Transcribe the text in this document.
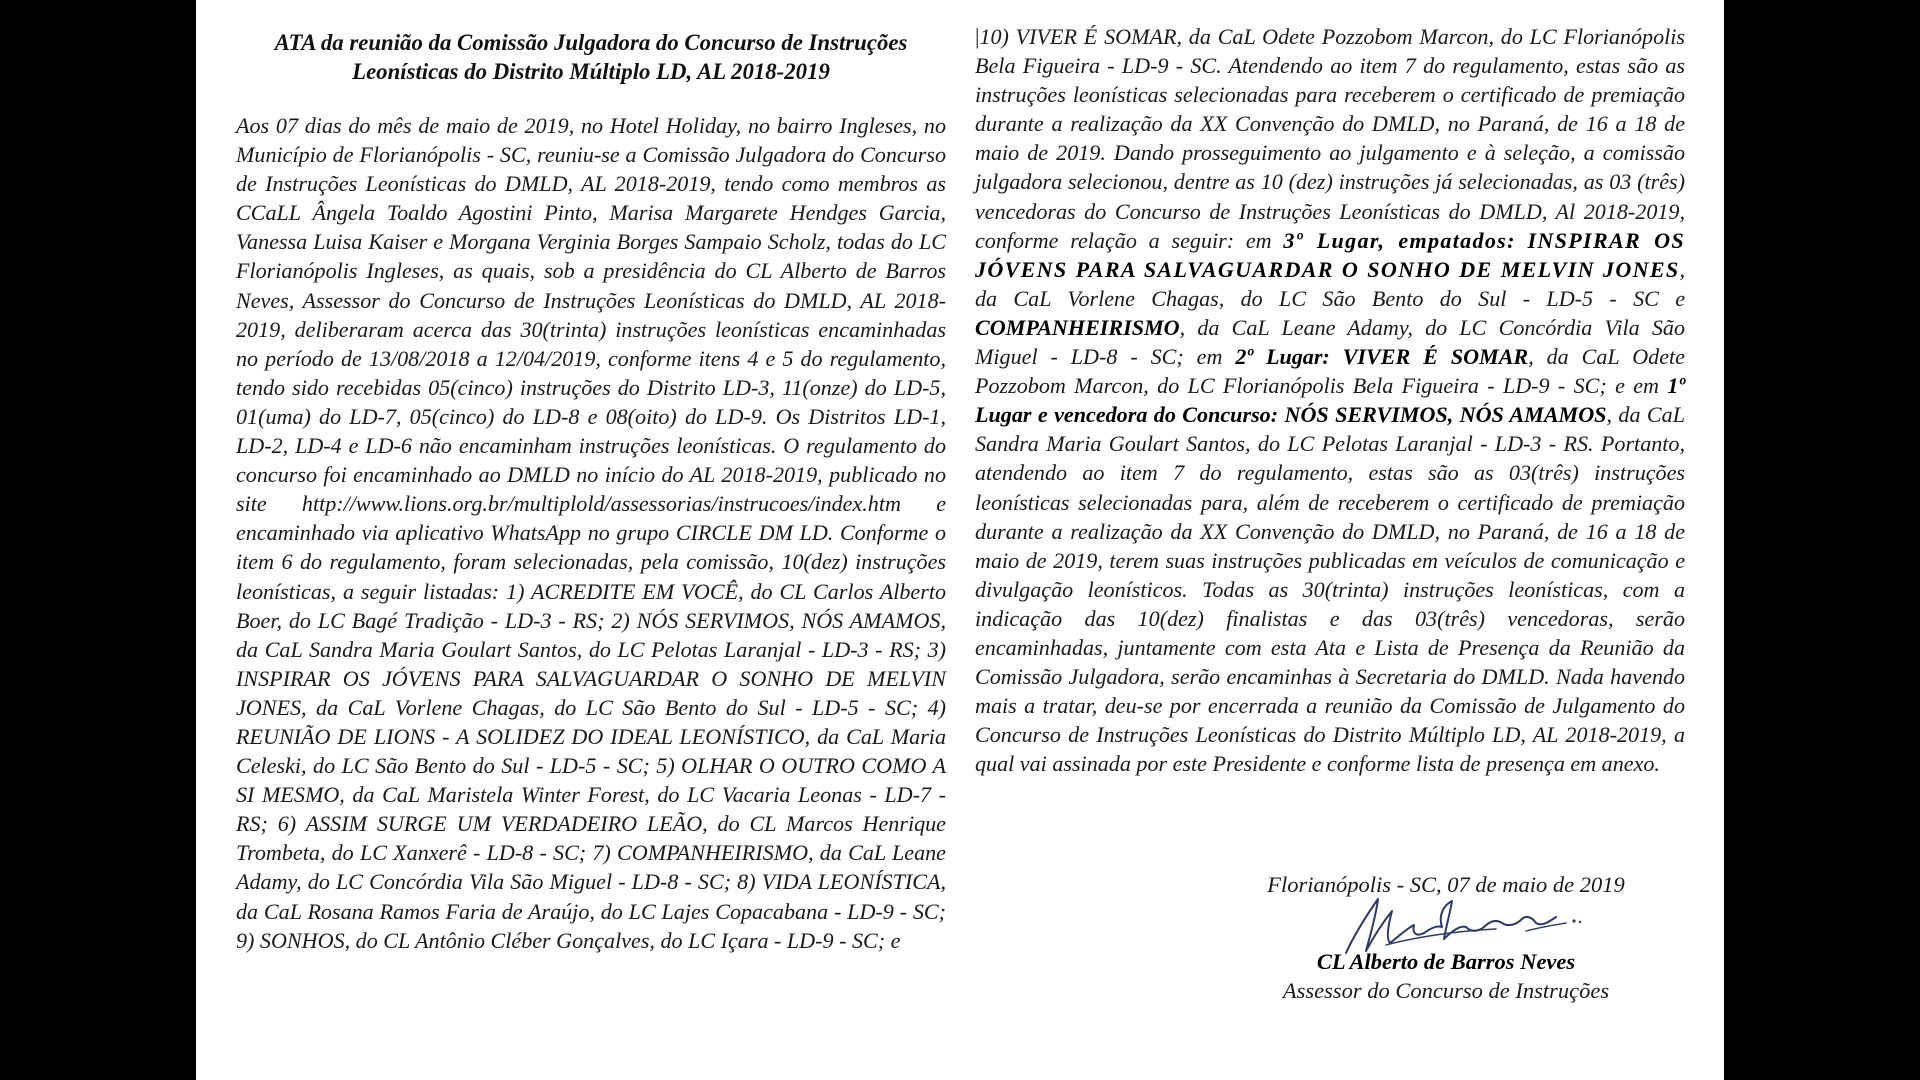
ATA da reunião da Comissão Julgadora do Concurso de Instruções
Leonísticas do Distrito Múltiplo LD, AL 2018-2019

Aos 07 dias do mês de maio de 2019, no Hotel Holiday, no bairro Ingleses, no Município de Florianópolis - SC, reuniu-se a Comissão Julgadora do Concurso de Instruções Leonísticas do DMLD, AL 2018-2019, tendo como membros as CCaLL Ângela Toaldo Agostini Pinto, Marisa Margarete Hendges Garcia, Vanessa Luisa Kaiser e Morgana Verginia Borges Sampaio Scholz, todas do LC Florianópolis Ingleses, as quais, sob a presidência do CL Alberto de Barros Neves, Assessor do Concurso de Instruções Leonísticas do DMLD, AL 2018-2019, deliberaram acerca das 30(trinta) instruções leonísticas encaminhadas no período de 13/08/2018 a 12/04/2019, conforme itens 4 e 5 do regulamento, tendo sido recebidas 05(cinco) instruções do Distrito LD-3, 11(onze) do LD-5, 01(uma) do LD-7, 05(cinco) do LD-8 e 08(oito) do LD-9. Os Distritos LD-1, LD-2, LD-4 e LD-6 não encaminham instruções leonísticas. O regulamento do concurso foi encaminhado ao DMLD no início do AL 2018-2019, publicado no site http://www.lions.org.br/multiplold/assessorias/instrucoes/index.htm e encaminhado via aplicativo WhatsApp no grupo CIRCLE DM LD. Conforme o item 6 do regulamento, foram selecionadas, pela comissão, 10(dez) instruções leonísticas, a seguir listadas: 1) ACREDITE EM VOCÊ, do CL Carlos Alberto Boer, do LC Bagé Tradição - LD-3 - RS; 2) NÓS SERVIMOS, NÓS AMAMOS, da CaL Sandra Maria Goulart Santos, do LC Pelotas Laranjal - LD-3 - RS; 3) INSPIRAR OS JÓVENS PARA SALVAGUARDAR O SONHO DE MELVIN JONES, da CaL Vorlene Chagas, do LC São Bento do Sul - LD-5 - SC; 4) REUNIÃO DE LIONS - A SOLIDEZ DO IDEAL LEONÍSTICO, da CaL Maria Celeski, do LC São Bento do Sul - LD-5 - SC; 5) OLHAR O OUTRO COMO A SI MESMO, da CaL Maristela Winter Forest, do LC Vacaria Leonas - LD-7 - RS; 6) ASSIM SURGE UM VERDADEIRO LEÃO, do CL Marcos Henrique Trombeta, do LC Xanxerê - LD-8 - SC; 7) COMPANHEIRISMO, da CaL Leane Adamy, do LC Concórdia Vila São Miguel - LD-8 - SC; 8) VIDA LEONÍSTICA, da CaL Rosana Ramos Faria de Araújo, do LC Lajes Copacabana - LD-9 - SC; 9) SONHOS, do CL Antônio Cléber Gonçalves, do LC Içara - LD-9 - SC; e

|10) VIVER É SOMAR, da CaL Odete Pozzobom Marcon, do LC Florianópolis Bela Figueira - LD-9 - SC. Atendendo ao item 7 do regulamento, estas são as instruções leonísticas selecionadas para receberem o certificado de premiação durante a realização da XX Convenção do DMLD, no Paraná, de 16 a 18 de maio de 2019. Dando prosseguimento ao julgamento e à seleção, a comissão julgadora selecionou, dentre as 10 (dez) instruções já selecionadas, as 03 (três) vencedoras do Concurso de Instruções Leonísticas do DMLD, Al 2018-2019, conforme relação a seguir: em 3º Lugar, empatados: INSPIRAR OS JÓVENS PARA SALVAGUARDAR O SONHO DE MELVIN JONES, da CaL Vorlene Chagas, do LC São Bento do Sul - LD-5 - SC e COMPANHEIRISMO, da CaL Leane Adamy, do LC Concórdia Vila São Miguel - LD-8 - SC; em 2º Lugar: VIVER É SOMAR, da CaL Odete Pozzobom Marcon, do LC Florianópolis Bela Figueira - LD-9 - SC; e em 1º Lugar e vencedora do Concurso: NÓS SERVIMOS, NÓS AMAMOS, da CaL Sandra Maria Goulart Santos, do LC Pelotas Laranjal - LD-3 - RS. Portanto, atendendo ao item 7 do regulamento, estas são as 03(três) instruções leonísticas selecionadas para, além de receberem o certificado de premiação durante a realização da XX Convenção do DMLD, no Paraná, de 16 a 18 de maio de 2019, terem suas instruções publicadas em veículos de comunicação e divulgação leonísticos. Todas as 30(trinta) instruções leonísticas, com a indicação das 10(dez) finalistas e das 03(três) vencedoras, serão encaminhadas, juntamente com esta Ata e Lista de Presença da Reunião da Comissão Julgadora, serão encaminhas à Secretaria do DMLD. Nada havendo mais a tratar, deu-se por encerrada a reunião da Comissão de Julgamento do Concurso de Instruções Leonísticas do Distrito Múltiplo LD, AL 2018-2019, a qual vai assinada por este Presidente e conforme lista de presença em anexo.

Florianópolis - SC, 07 de maio de 2019
CL Alberto de Barros Neves
Assessor do Concurso de Instruções
